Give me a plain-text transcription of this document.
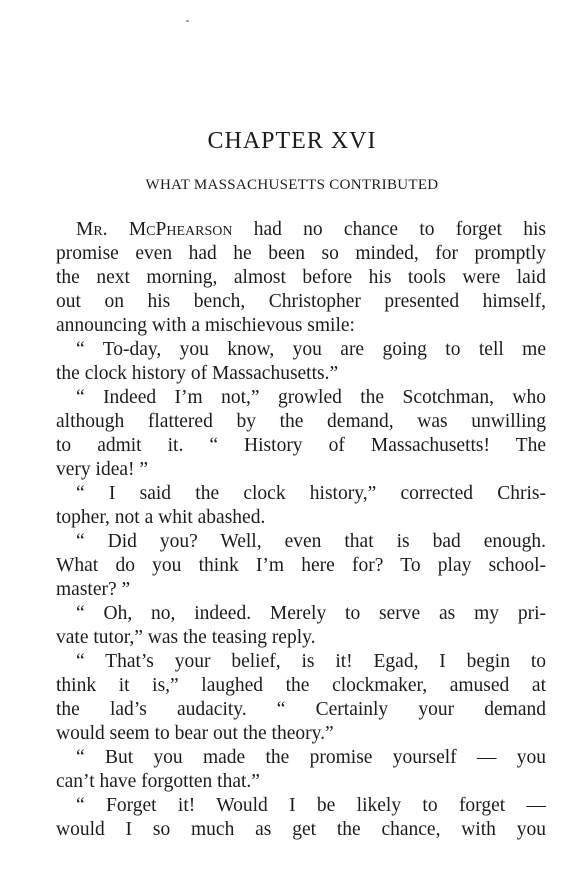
CHAPTER XVI
WHAT MASSACHUSETTS CONTRIBUTED
Mr. McPhearson had no chance to forget his
promise even had he been so minded, for promptly
the next morning, almost before his tools were laid
out on his bench, Christopher presented himself,
announcing with a mischievous smile:
“ To-day, you know, you are going to tell me
the clock history of Massachusetts.”
“ Indeed I’m not,” growled the Scotchman, who
although flattered by the demand, was unwilling
to admit it. “ History of Massachusetts! The
very idea! ”
“ I said the clock history,” corrected Chris-
topher, not a whit abashed.
“ Did you? Well, even that is bad enough.
What do you think I’m here for? To play school-
master? ”
“ Oh, no, indeed. Merely to serve as my pri-
vate tutor,” was the teasing reply.
“ That’s your belief, is it! Egad, I begin to
think it is,” laughed the clockmaker, amused at
the lad’s audacity. “ Certainly your demand
would seem to bear out the theory.”
“ But you made the promise yourself — you
can’t have forgotten that.”
“ Forget it! Would I be likely to forget —
would I so much as get the chance, with you
